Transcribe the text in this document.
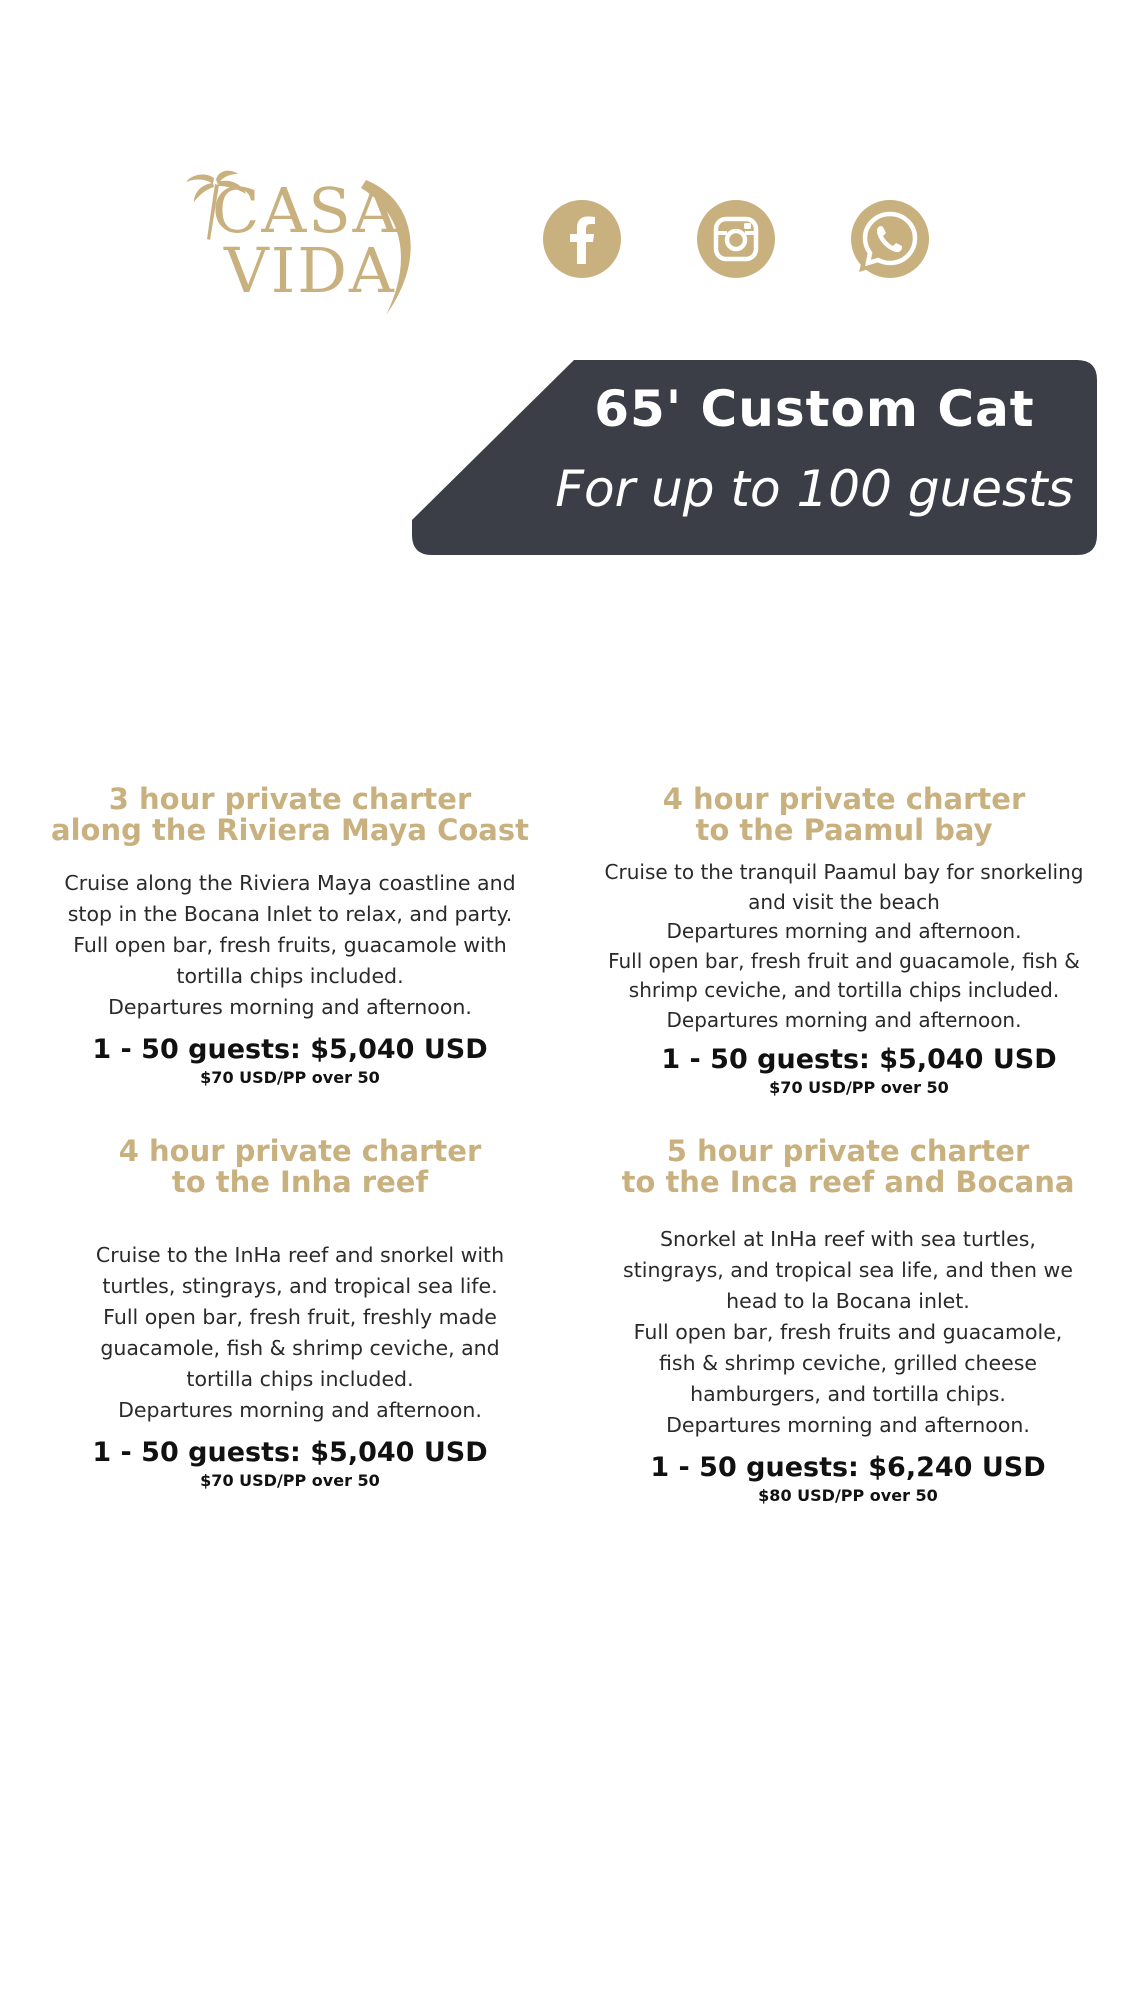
CASA
VIDA
65' Custom Cat
For up to 100 guests
3 hour private charter
along the Riviera Maya Coast
Cruise along the Riviera Maya coastline and
stop in the Bocana Inlet to relax, and party.
Full open bar, fresh fruits, guacamole with
tortilla chips included.
Departures morning and afternoon.
1 - 50 guests: $5,040 USD
$70 USD/PP over 50
4 hour private charter
to the Paamul bay
Cruise to the tranquil Paamul bay for snorkeling
and visit the beach
Departures morning and afternoon.
Full open bar, fresh fruit and guacamole, fish &
shrimp ceviche, and tortilla chips included.
Departures morning and afternoon.
1 - 50 guests: $5,040 USD
$70 USD/PP over 50
4 hour private charter
to the Inha reef
Cruise to the InHa reef and snorkel with
turtles, stingrays, and tropical sea life.
Full open bar, fresh fruit, freshly made
guacamole, fish & shrimp ceviche, and
tortilla chips included.
Departures morning and afternoon.
1 - 50 guests: $5,040 USD
$70 USD/PP over 50
5 hour private charter
to the Inca reef and Bocana
Snorkel at InHa reef with sea turtles,
stingrays, and tropical sea life, and then we
head to la Bocana inlet.
Full open bar, fresh fruits and guacamole,
fish & shrimp ceviche, grilled cheese
hamburgers, and tortilla chips.
Departures morning and afternoon.
1 - 50 guests: $6,240 USD
$80 USD/PP over 50
